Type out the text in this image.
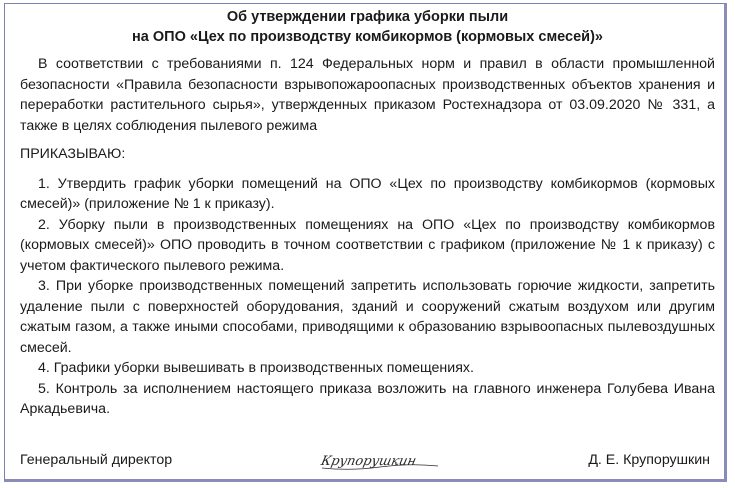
Об утверждении графика уборки пыли
на ОПО «Цех по производству комбикормов (кормовых смесей)»

В соответствии с требованиями п. 124 Федеральных норм и правил в области промышленной безопасности «Правила безопасности взрывопожароопасных производственных объектов хранения и переработки растительного сырья», утвержденных приказом Ростехнадзора от 03.09.2020 № 331, а также в целях соблюдения пылевого режима

ПРИКАЗЫВАЮ:

1. Утвердить график уборки помещений на ОПО «Цех по производству комбикормов (кормовых смесей)» (приложение № 1 к приказу).

2. Уборку пыли в производственных помещениях на ОПО «Цех по производству комбикормов (кормовых смесей)» ОПО проводить в точном соответствии с графиком (приложение № 1 к приказу) с учетом фактического пылевого режима.

3. При уборке производственных помещений запретить использовать горючие жидкости, запретить удаление пыли с поверхностей оборудования, зданий и сооружений сжатым воздухом или другим сжатым газом, а также иными способами, приводящими к образованию взрывоопасных пылевоздушных смесей.

4. Графики уборки вывешивать в производственных помещениях.

5. Контроль за исполнением настоящего приказа возложить на главного инженера Голубева Ивана Аркадьевича.

Генеральный директор	Крупорушкин	Д. Е. Крупорушкин
